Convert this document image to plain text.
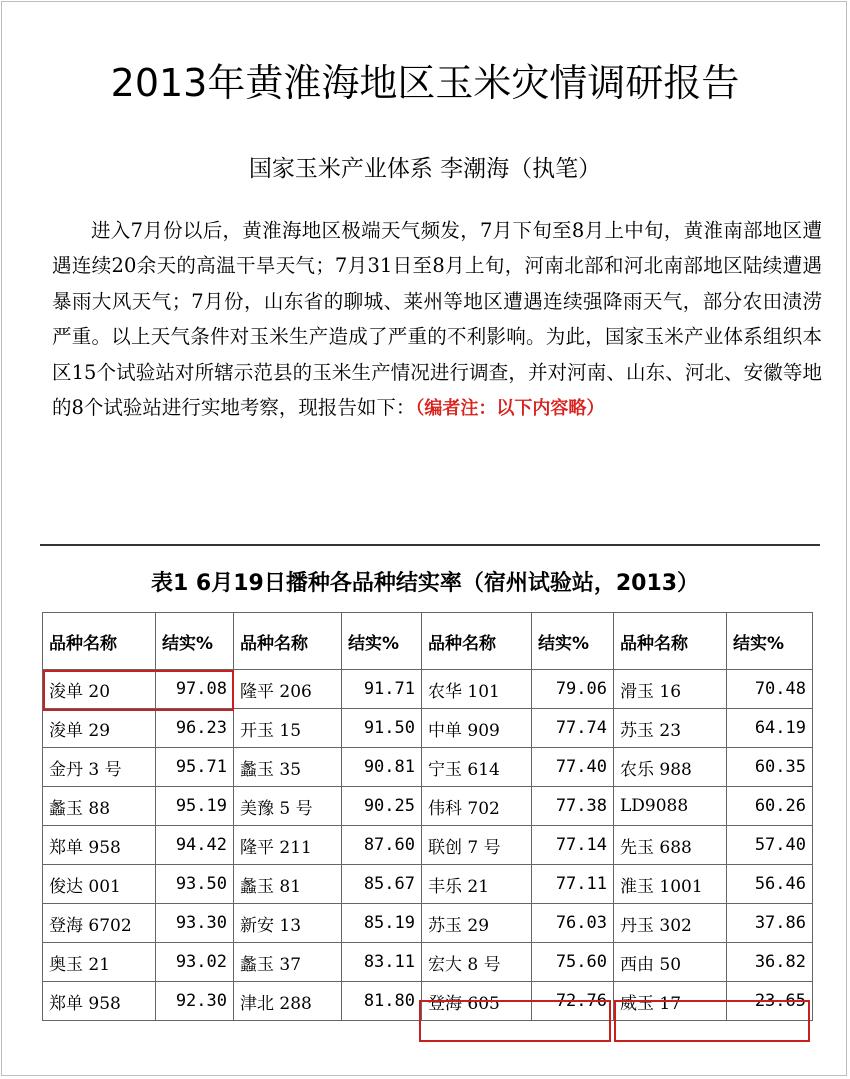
2013年黄淮海地区玉米灾情调研报告
国家玉米产业体系 李潮海（执笔）

进入7月份以后，黄淮海地区极端天气频发，7月下旬至8月上中旬，黄淮南部地区遭遇连续20余天的高温干旱天气；7月31日至8月上旬，河南北部和河北南部地区陆续遭遇暴雨大风天气；7月份，山东省的聊城、莱州等地区遭遇连续强降雨天气，部分农田渍涝严重。以上天气条件对玉米生产造成了严重的不利影响。为此，国家玉米产业体系组织本区15个试验站对所辖示范县的玉米生产情况进行调查，并对河南、山东、河北、安徽等地的8个试验站进行实地考察，现报告如下：（编者注：以下内容略）

表1 6月19日播种各品种结实率（宿州试验站，2013）
品种名称	结实%	品种名称	结实%	品种名称	结实%	品种名称	结实%
浚单 20	97.08	隆平 206	91.71	农华 101	79.06	滑玉 16	70.48
浚单 29	96.23	开玉 15	91.50	中单 909	77.74	苏玉 23	64.19
金丹 3 号	95.71	蠡玉 35	90.81	宁玉 614	77.40	农乐 988	60.35
蠡玉 88	95.19	美豫 5 号	90.25	伟科 702	77.38	LD9088	60.26
郑单 958	94.42	隆平 211	87.60	联创 7 号	77.14	先玉 688	57.40
俊达 001	93.50	蠡玉 81	85.67	丰乐 21	77.11	淮玉 1001	56.46
登海 6702	93.30	新安 13	85.19	苏玉 29	76.03	丹玉 302	37.86
奥玉 21	93.02	蠡玉 37	83.11	宏大 8 号	75.60	西由 50	36.82
郑单 958	92.30	津北 288	81.80	登海 605	72.76	威玉 17	23.65
